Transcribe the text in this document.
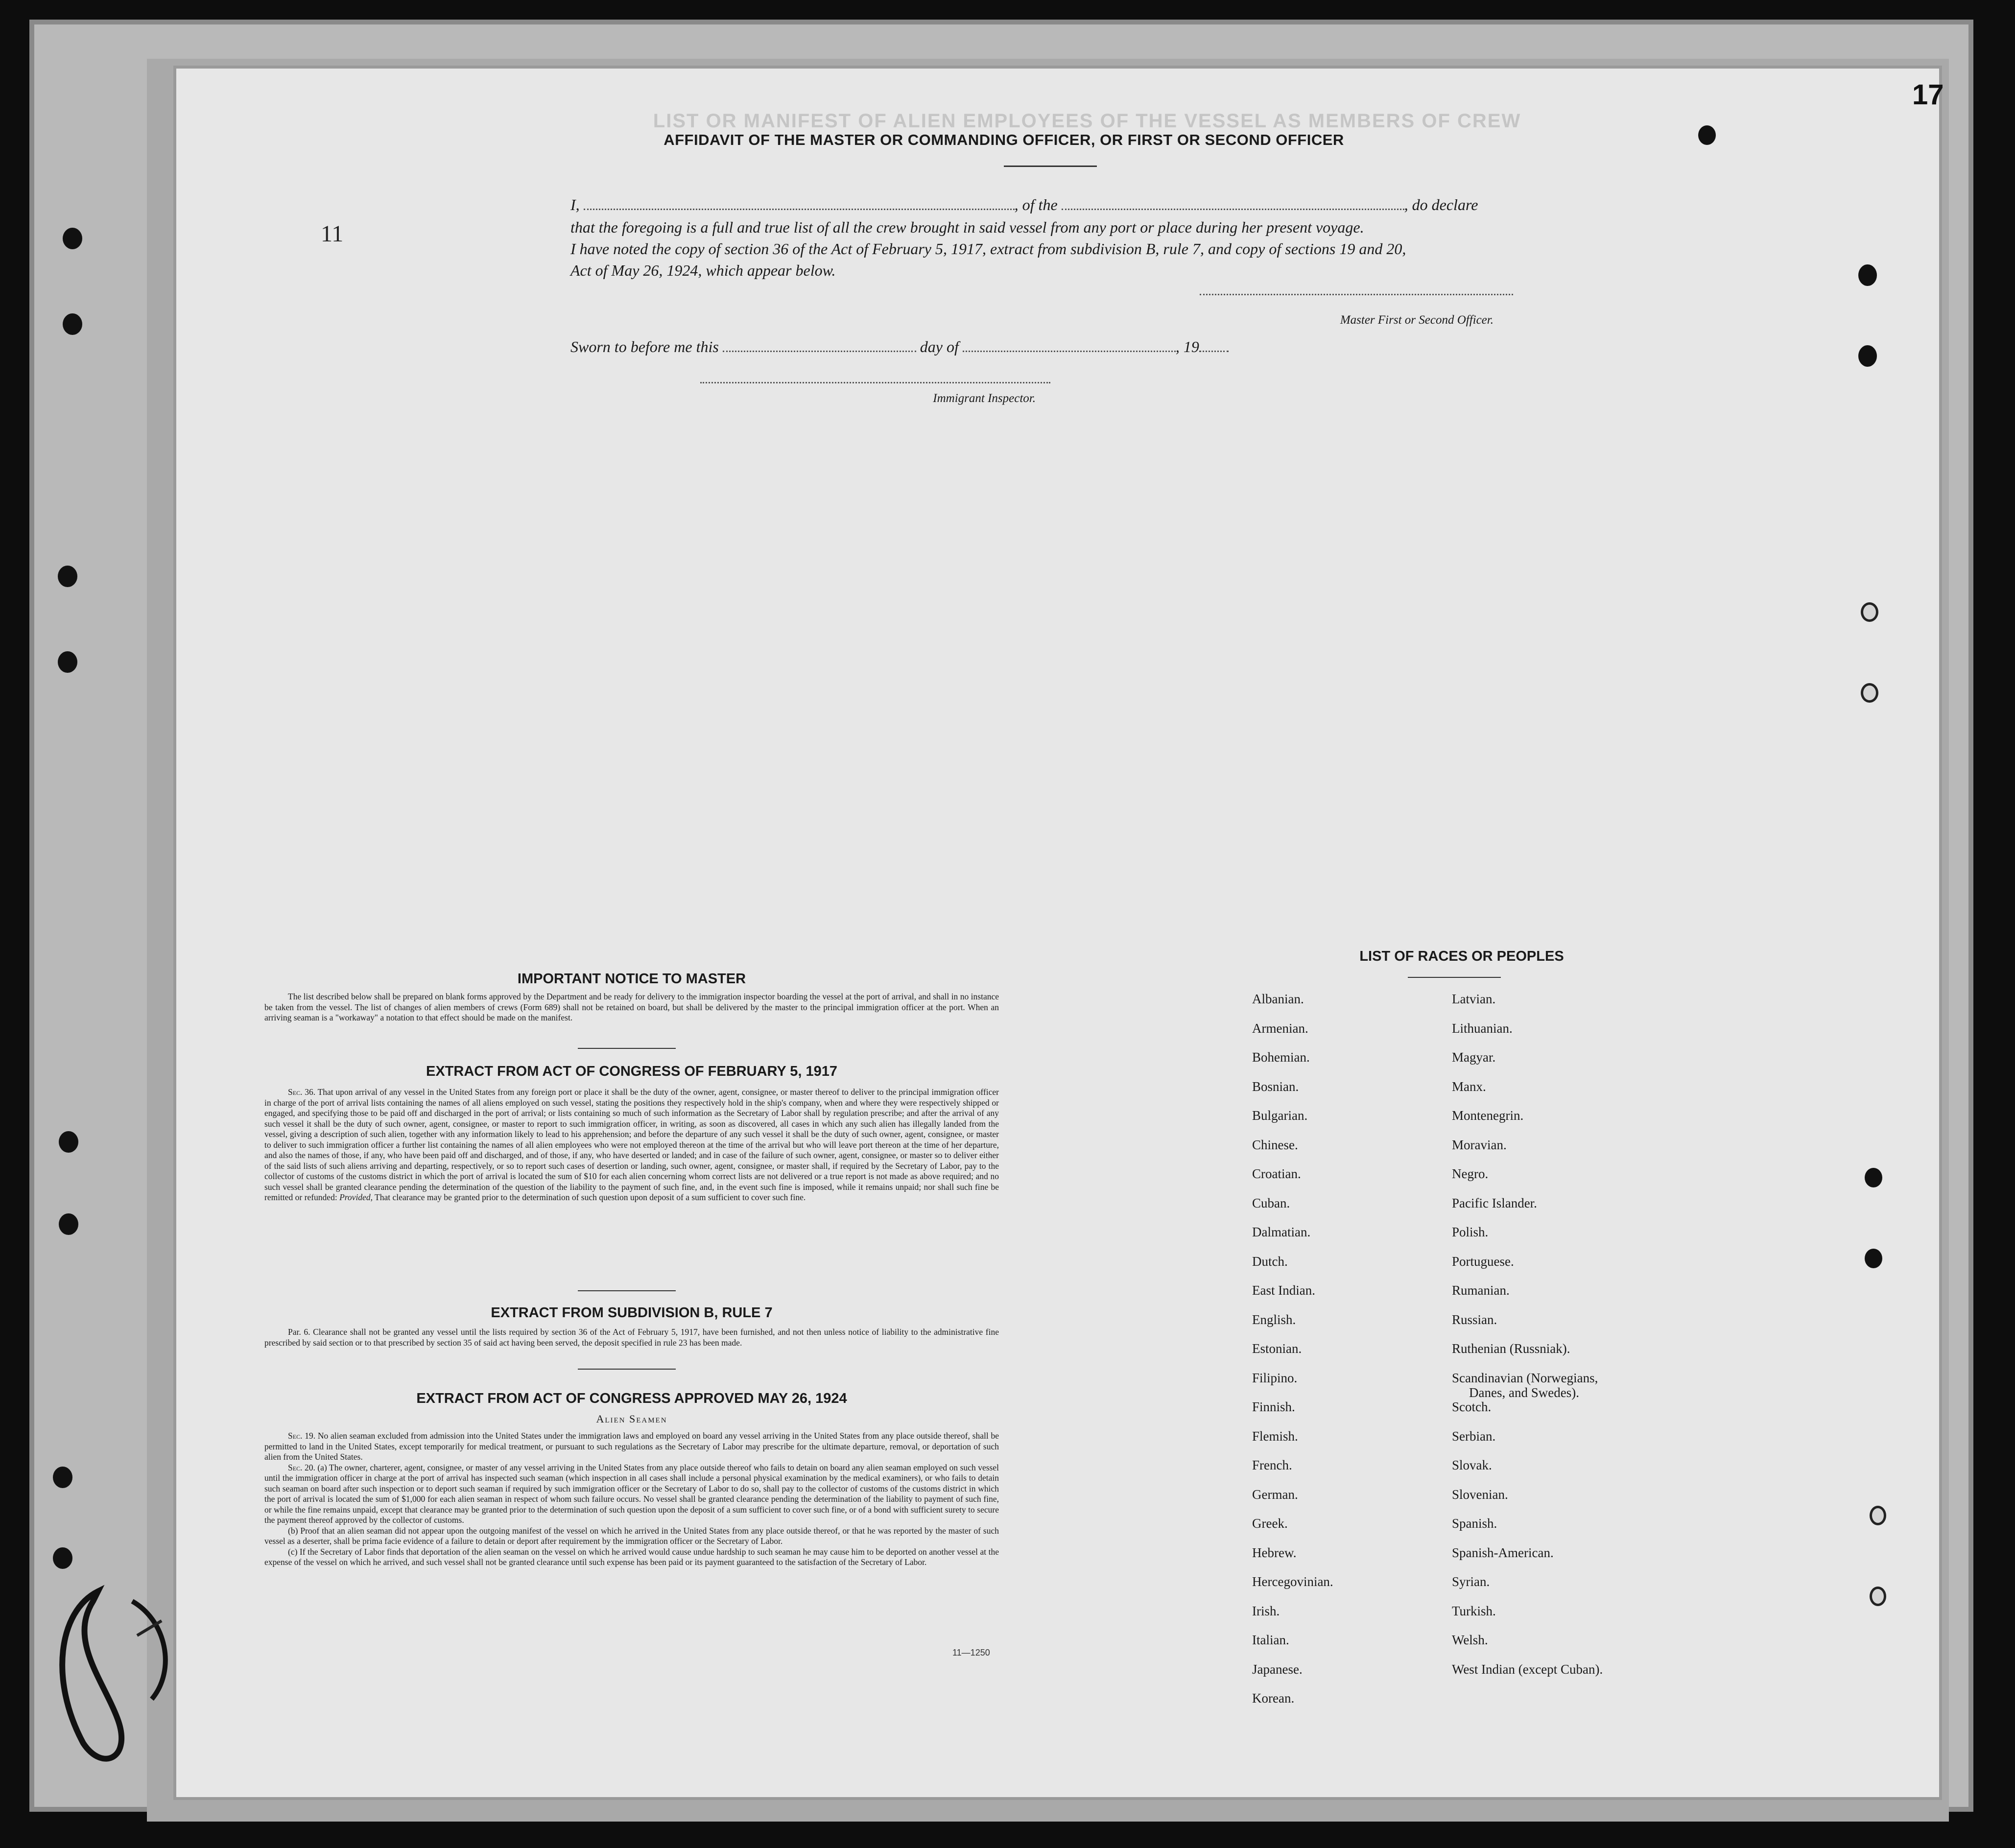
LIST OR MANIFEST OF ALIEN EMPLOYEES OF THE VESSEL AS MEMBERS OF CREW
17
11
AFFIDAVIT OF THE MASTER OR COMMANDING OFFICER, OR FIRST OR SECOND OFFICER
I,	, of the	, do declare
that the foregoing is a full and true list of all the crew brought in said vessel from any port or place during her present voyage.
I have noted the copy of section 36 of the Act of February 5, 1917, extract from subdivision B, rule 7, and copy of sections 19 and 20,
Act of May 26, 1924, which appear below.
Master First or Second Officer.
Sworn to before me this	day of	, 19
Immigrant Inspector.
IMPORTANT NOTICE TO MASTER

The list described below shall be prepared on blank forms approved by the Department and be ready for delivery to the immigration inspector boarding the vessel at the port of arrival, and shall in no instance be taken from the vessel. The list of changes of alien members of crews (Form 689) shall not be retained on board, but shall be delivered by the master to the principal immigration officer at the port. When an arriving seaman is a "workaway" a notation to that effect should be made on the manifest.

EXTRACT FROM ACT OF CONGRESS OF FEBRUARY 5, 1917

Sec. 36. That upon arrival of any vessel in the United States from any foreign port or place it shall be the duty of the owner, agent, consignee, or master thereof to deliver to the principal immigration officer in charge of the port of arrival lists containing the names of all aliens employed on such vessel, stating the positions they respectively hold in the ship's company, when and where they were respectively shipped or engaged, and specifying those to be paid off and discharged in the port of arrival; or lists containing so much of such information as the Secretary of Labor shall by regulation prescribe; and after the arrival of any such vessel it shall be the duty of such owner, agent, consignee, or master to report to such immigration officer, in writing, as soon as discovered, all cases in which any such alien has illegally landed from the vessel, giving a description of such alien, together with any information likely to lead to his apprehension; and before the departure of any such vessel it shall be the duty of such owner, agent, consignee, or master to deliver to such immigration officer a further list containing the names of all alien employees who were not employed thereon at the time of the arrival but who will leave port thereon at the time of her departure, and also the names of those, if any, who have been paid off and discharged, and of those, if any, who have deserted or landed; and in case of the failure of such owner, agent, consignee, or master so to deliver either of the said lists of such aliens arriving and departing, respectively, or so to report such cases of desertion or landing, such owner, agent, consignee, or master shall, if required by the Secretary of Labor, pay to the collector of customs of the customs district in which the port of arrival is located the sum of $10 for each alien concerning whom correct lists are not delivered or a true report is not made as above required; and no such vessel shall be granted clearance pending the determination of the question of the liability to the payment of such fine, and, in the event such fine is imposed, while it remains unpaid; nor shall such fine be remitted or refunded: Provided, That clearance may be granted prior to the determination of such question upon deposit of a sum sufficient to cover such fine.

EXTRACT FROM SUBDIVISION B, RULE 7

Par. 6. Clearance shall not be granted any vessel until the lists required by section 36 of the Act of February 5, 1917, have been furnished, and not then unless notice of liability to the administrative fine prescribed by said section or to that prescribed by section 35 of said act having been served, the deposit specified in rule 23 has been made.

EXTRACT FROM ACT OF CONGRESS APPROVED MAY 26, 1924
Alien Seamen

Sec. 19. No alien seaman excluded from admission into the United States under the immigration laws and employed on board any vessel arriving in the United States from any place outside thereof, shall be permitted to land in the United States, except temporarily for medical treatment, or pursuant to such regulations as the Secretary of Labor may prescribe for the ultimate departure, removal, or deportation of such alien from the United States.

Sec. 20. (a) The owner, charterer, agent, consignee, or master of any vessel arriving in the United States from any place outside thereof who fails to detain on board any alien seaman employed on such vessel until the immigration officer in charge at the port of arrival has inspected such seaman (which inspection in all cases shall include a personal physical examination by the medical examiners), or who fails to detain such seaman on board after such inspection or to deport such seaman if required by such immigration officer or the Secretary of Labor to do so, shall pay to the collector of customs of the customs district in which the port of arrival is located the sum of $1,000 for each alien seaman in respect of whom such failure occurs. No vessel shall be granted clearance pending the determination of the liability to payment of such fine, or while the fine remains unpaid, except that clearance may be granted prior to the determination of such question upon the deposit of a sum sufficient to cover such fine, or of a bond with sufficient surety to secure the payment thereof approved by the collector of customs.

(b) Proof that an alien seaman did not appear upon the outgoing manifest of the vessel on which he arrived in the United States from any place outside thereof, or that he was reported by the master of such vessel as a deserter, shall be prima facie evidence of a failure to detain or deport after requirement by the immigration officer or the Secretary of Labor.

(c) If the Secretary of Labor finds that deportation of the alien seaman on the vessel on which he arrived would cause undue hardship to such seaman he may cause him to be deported on another vessel at the expense of the vessel on which he arrived, and such vessel shall not be granted clearance until such expense has been paid or its payment guaranteed to the satisfaction of the Secretary of Labor.

11—1250
LIST OF RACES OR PEOPLES
Albanian.
Armenian.
Bohemian.
Bosnian.
Bulgarian.
Chinese.
Croatian.
Cuban.
Dalmatian.
Dutch.
East Indian.
English.
Estonian.
Filipino.
Finnish.
Flemish.
French.
German.
Greek.
Hebrew.
Hercegovinian.
Irish.
Italian.
Japanese.
Korean.
Latvian.
Lithuanian.
Magyar.
Manx.
Montenegrin.
Moravian.
Negro.
Pacific Islander.
Polish.
Portuguese.
Rumanian.
Russian.
Ruthenian (Russniak).
Scandinavian (Norwegians,
Danes, and Swedes).
Scotch.
Serbian.
Slovak.
Slovenian.
Spanish.
Spanish-American.
Syrian.
Turkish.
Welsh.
West Indian (except Cuban).
